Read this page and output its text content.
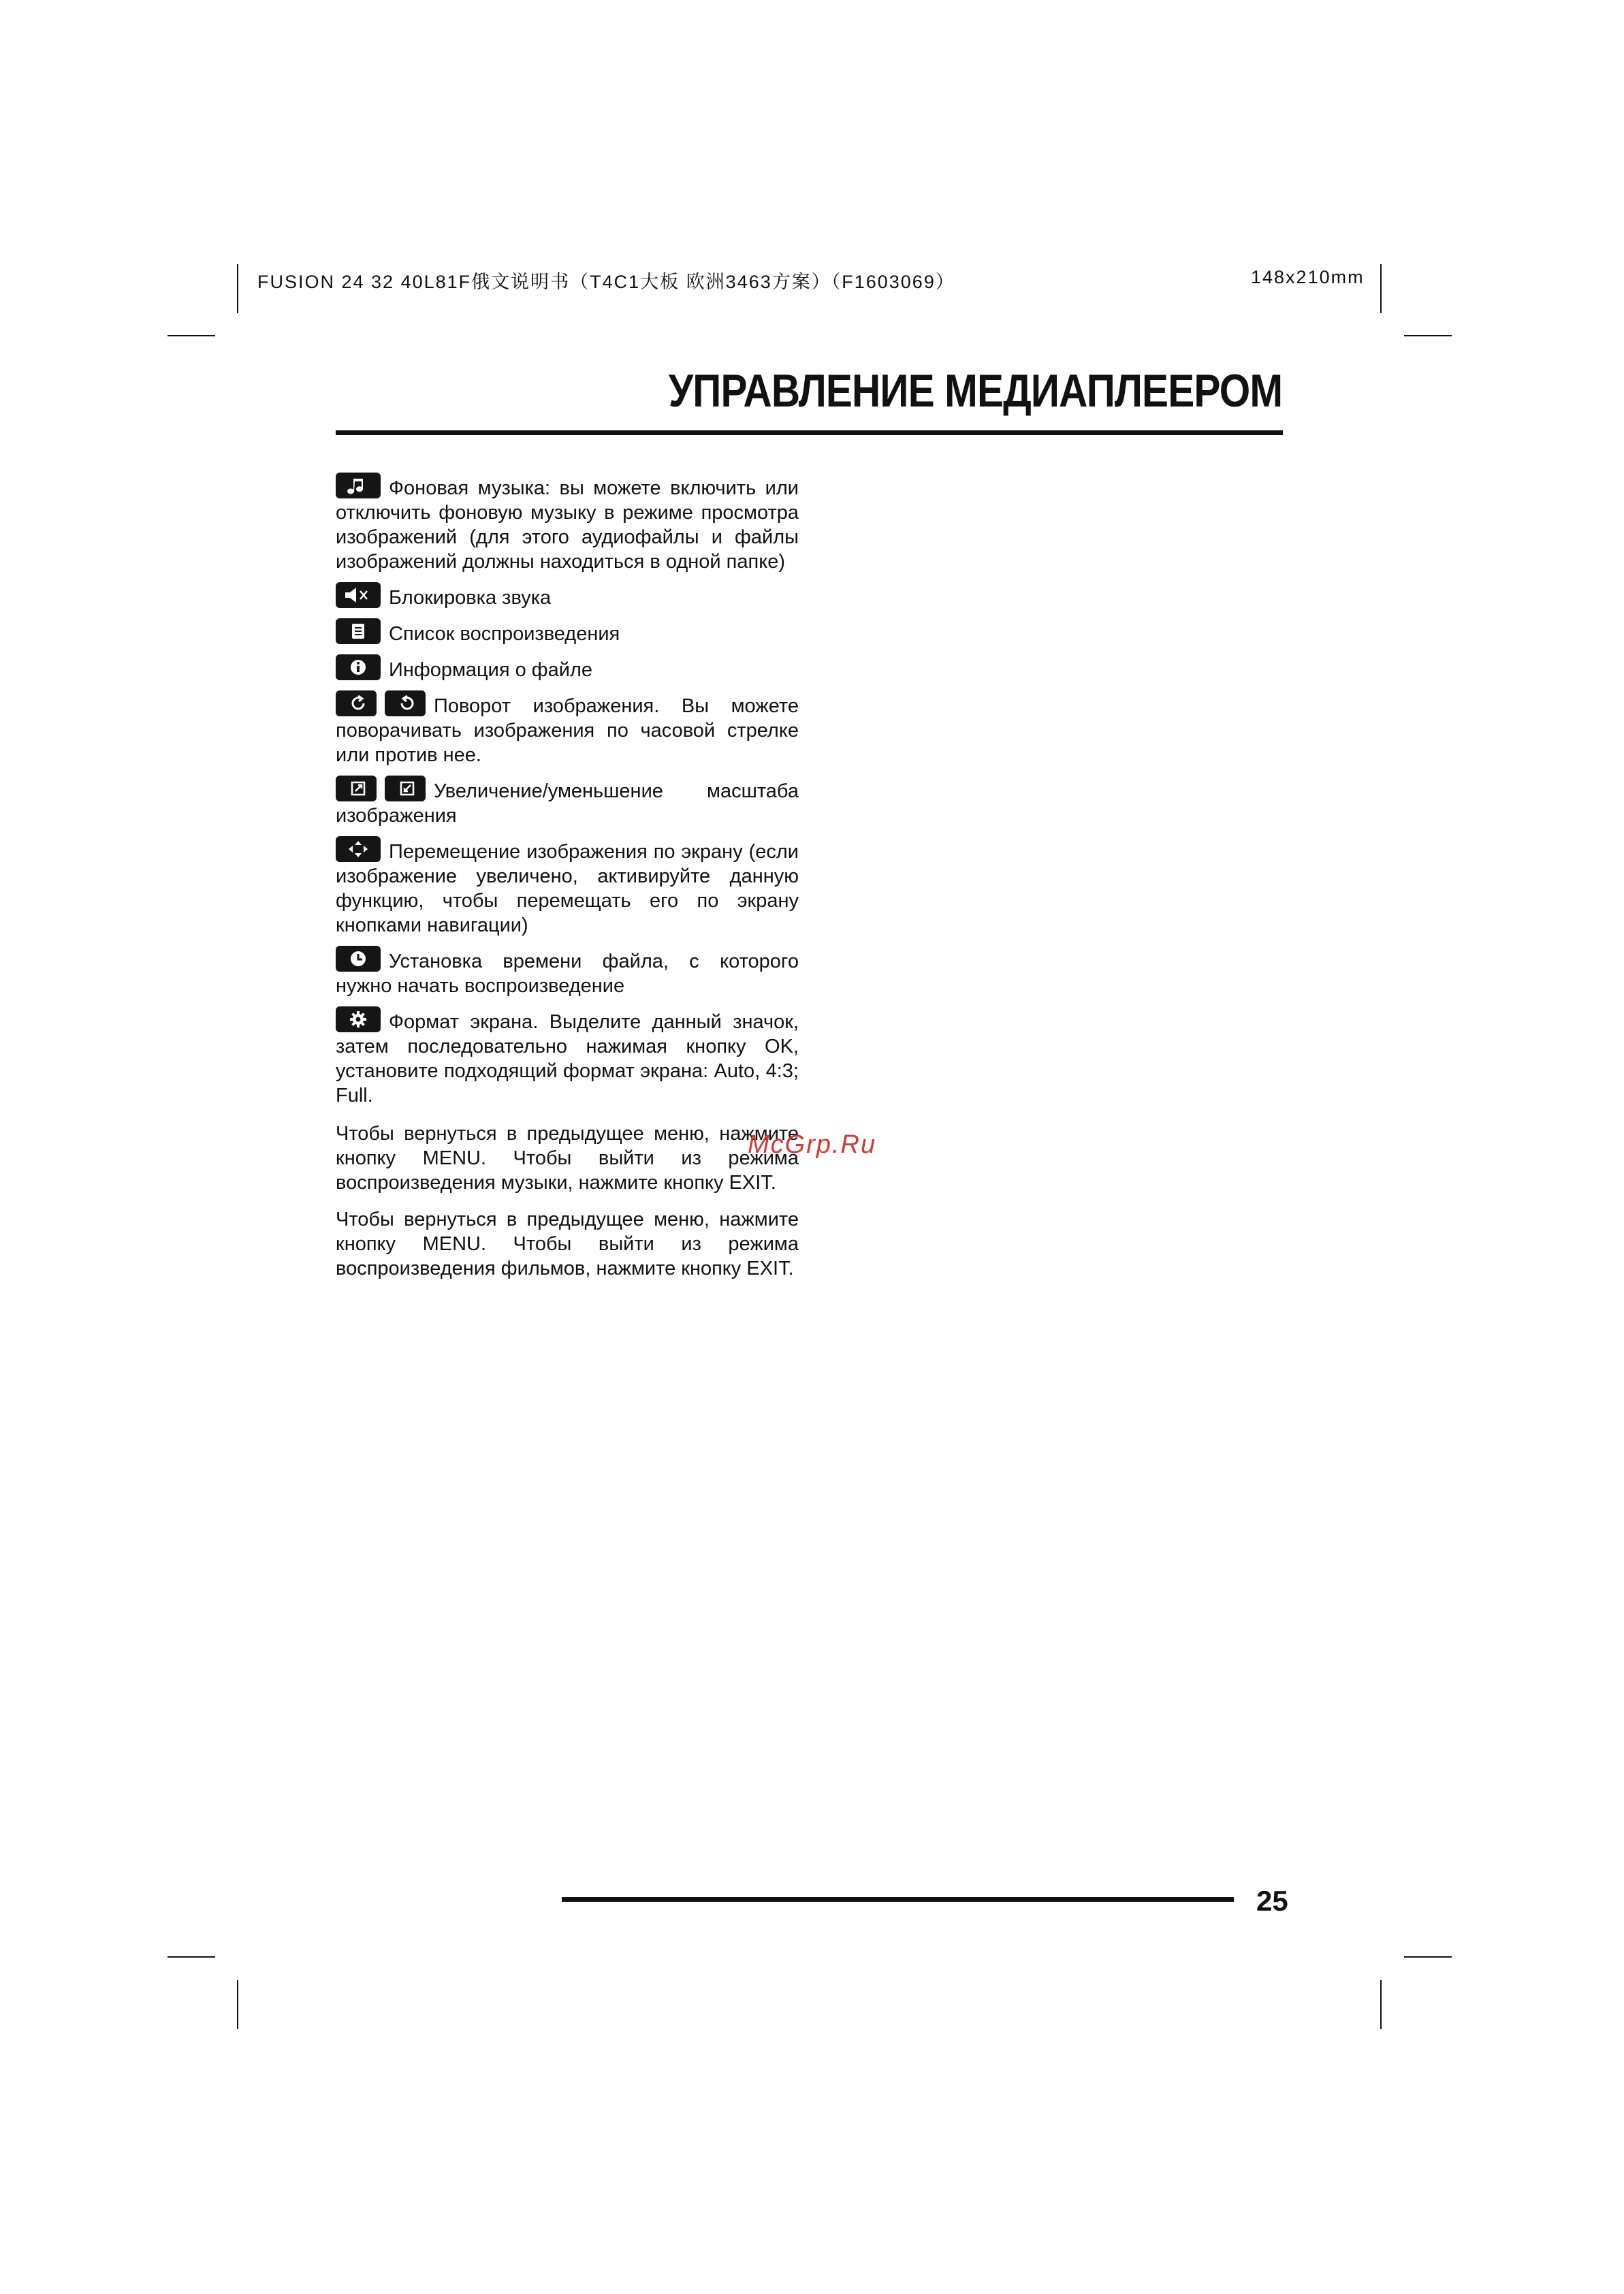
FUSION 24 32 40L81F俄文说明书（T4C1大板 欧洲3463方案）（F1603069）	148x210mm
УПРАВЛЕНИЕ МЕДИАПЛЕЕРОМ
Фоновая музыка: вы можете включить или отключить фоновую музыку в режиме просмотра изображений (для этого аудиофайлы и файлы изображений должны находиться в одной папке)
Блокировка звука
Список воспроизведения
Информация о файле
Поворот изображения. Вы можете поворачивать изображения по часовой стрелке или против нее.
Увеличение/уменьшение масштаба изображения
Перемещение изображения по экрану (если изображение увеличено, активируйте данную функцию, чтобы перемещать его по экрану кнопками навигации)
Установка времени файла, с которого нужно начать воспроизведение
Формат экрана. Выделите данный значок, затем последовательно нажимая кнопку OK, установите подходящий формат экрана: Auto, 4:3; Full.
Чтобы вернуться в предыдущее меню, нажмите кнопку MENU. Чтобы выйти из режима воспроизведения музыки, нажмите кнопку EXIT.
Чтобы вернуться в предыдущее меню, нажмите кнопку MENU. Чтобы выйти из режима воспроизведения фильмов, нажмите кнопку EXIT.
McGrp.Ru
25
